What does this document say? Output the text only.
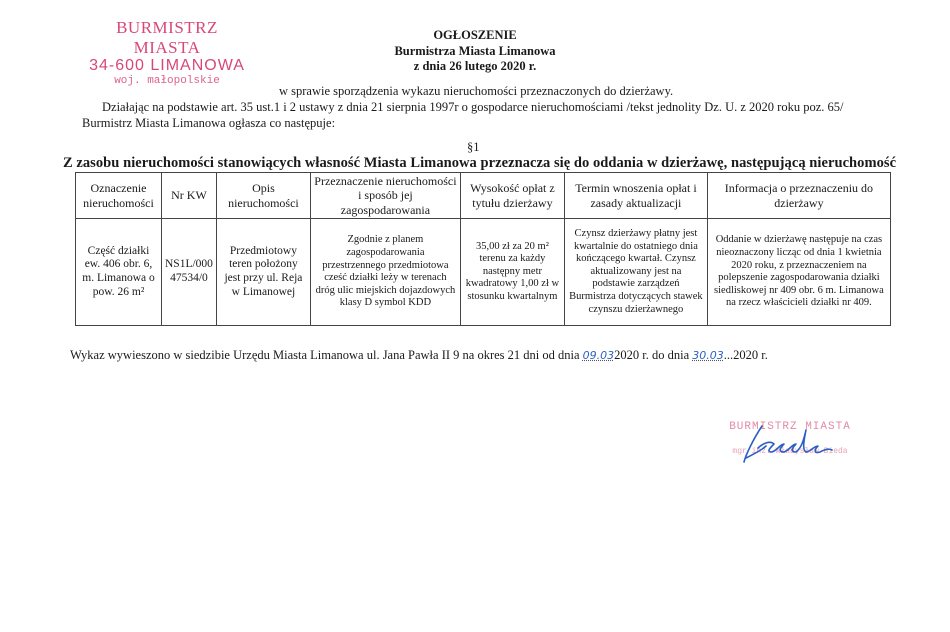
BURMISTRZ MIASTA
34-600 LIMANOWA
woj. małopolskie
OGŁOSZENIE
Burmistrza Miasta Limanowa
z dnia 26 lutego 2020 r.
w sprawie sporządzenia wykazu nieruchomości przeznaczonych do dzierżawy.
Działając na podstawie art. 35 ust.1 i 2 ustawy z dnia 21 sierpnia 1997r o gospodarce nieruchomościami /tekst jednolity Dz. U. z 2020 roku poz. 65/
Burmistrz Miasta Limanowa ogłasza co następuje:
§1
Z zasobu nieruchomości stanowiących własność Miasta Limanowa przeznacza się do oddania w dzierżawę, następującą nieruchomość
Oznaczenie nieruchomości	Nr KW	Opis nieruchomości	Przeznaczenie nieruchomości i sposób jej zagospodarowania	Wysokość opłat z tytułu dzierżawy	Termin wnoszenia opłat i zasady aktualizacji	Informacja o przeznaczeniu do dzierżawy
Część działki ew. 406 obr. 6, m. Limanowa o pow. 26 m²	NS1L/000 47534/0	Przedmiotowy teren położony jest przy ul. Reja w Limanowej	Zgodnie z planem zagospodarowania przestrzennego przedmiotowa cześć działki leży w terenach dróg ulic miejskich dojazdowych klasy D symbol KDD	35,00 zł za 20 m² terenu za każdy następny metr kwadratowy 1,00 zł w stosunku kwartalnym	Czynsz dzierżawy płatny jest kwartalnie do ostatniego dnia kończącego kwartał. Czynsz aktualizowany jest na podstawie zarządzeń Burmistrza dotyczących stawek czynszu dzierżawnego	Oddanie w dzierżawę następuje na czas nieoznaczony licząc od dnia 1 kwietnia 2020 roku, z przeznaczeniem na polepszenie zagospodarowania działki siedliskowej nr 409 obr. 6 m. Limanowa na rzecz właścicieli działki nr 409.
Wykaz wywieszono w siedzibie Urzędu Miasta Limanowa ul. Jana Pawła II 9 na okres 21 dni od dnia 09.032020 r. do dnia 30.03...2020 r.
BURMISTRZ MIASTA
mgr inż. Władysław Bieda
